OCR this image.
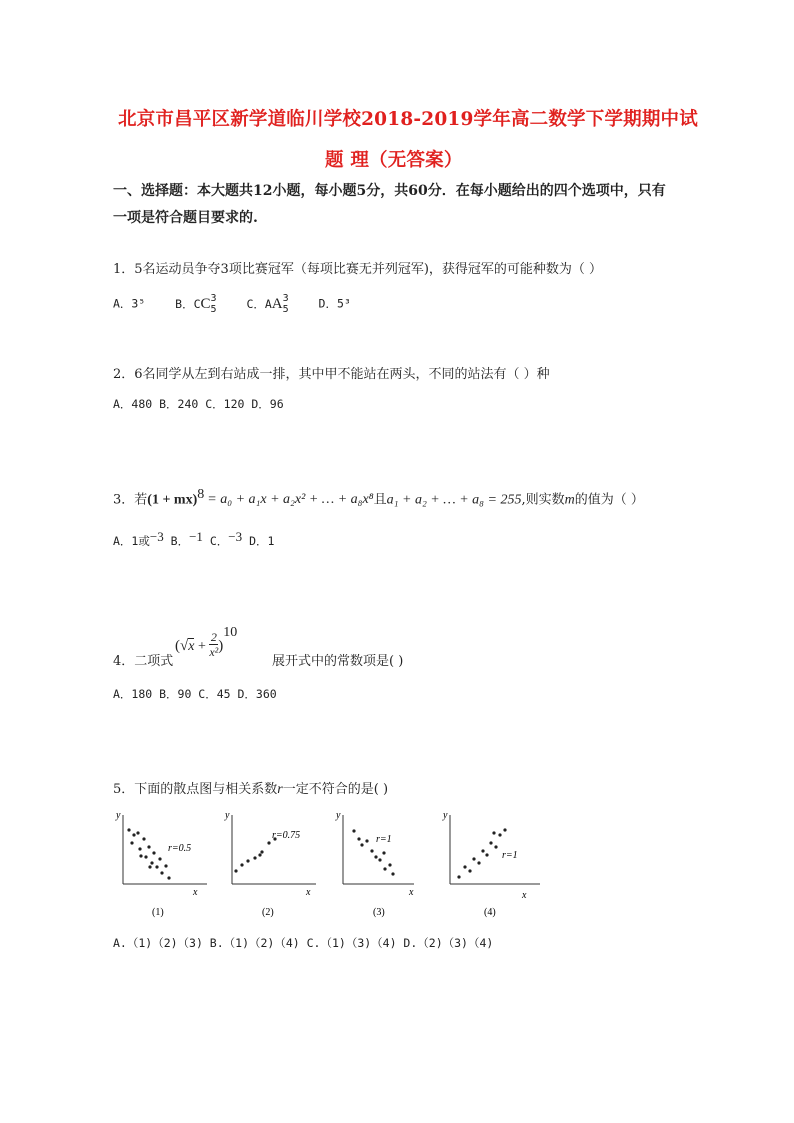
北京市昌平区新学道临川学校2018-2019学年高二数学下学期期中试
题 理（无答案）
一、选择题：本大题共12小题，每小题5分，共60分．在每小题给出的四个选项中，只有
一项是符合题目要求的.
1．5名运动员争夺3项比赛冠军（每项比赛无并列冠军)，获得冠军的可能种数为（ ）
A．3⁵	B．CC 3
5	C．AA 3
5	D．5³
2．6名同学从左到右站成一排，其中甲不能站在两头，不同的站法有（ ）种
A．480 B．240 C．120 D．96
3．若(1 + mx)$^8$ = a₀ + a₁x + a₂x² + … + a₈x⁸且a₁ + a₂ + … + a₈ = 255,则实数m的值为（ ）
A．1或−3 B．−1 C．−3 D．1
4．二项式
$(√x + \frac{2}{\text{x²}} )^{10}$
展开式中的常数项是( )
A．180 B．90 C．45 D．360
5．下面的散点图与相关系数r一定不符合的是( )
y
x
r=0.5
(1)
y
x
r=0.75
(2)
y
x
r=1
(3)
y
x
r=1
(4)
A.（1)（2)（3) B.（1)（2)（4) C.（1)（3)（4) D.（2)（3)（4)
